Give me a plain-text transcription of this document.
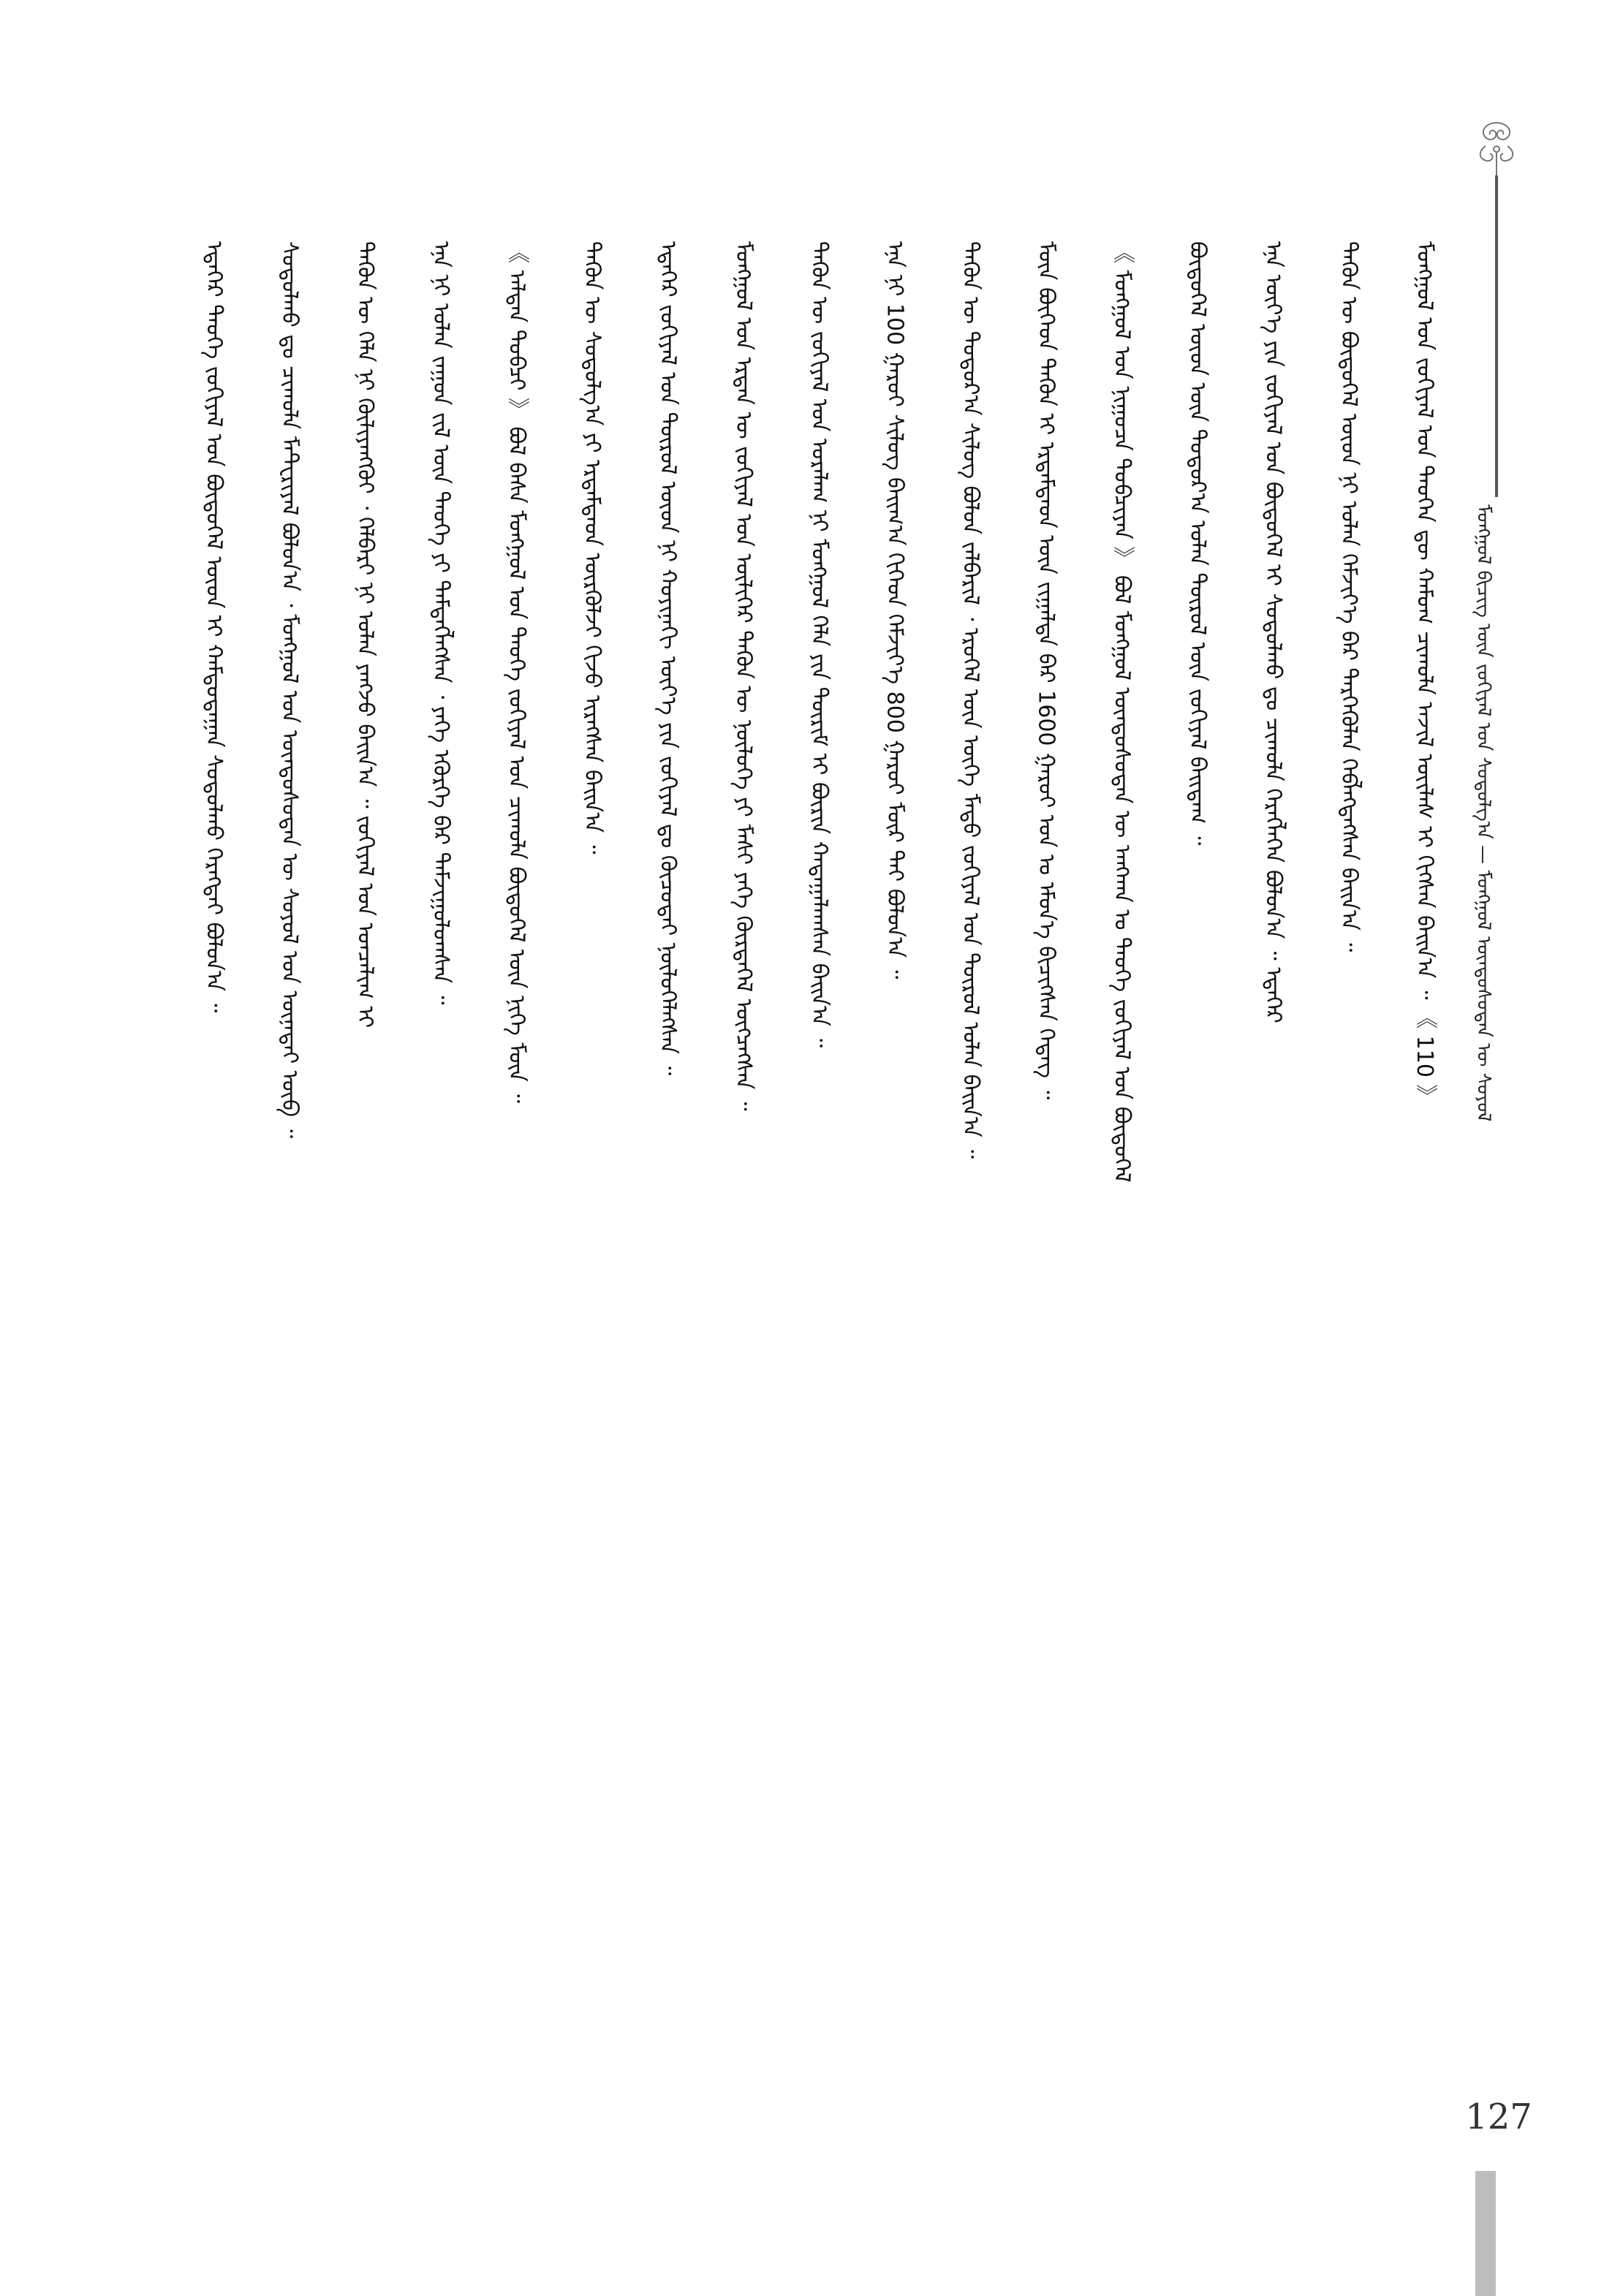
ᠮᠣᠩᠭᠣᠯ ᠪᠢᠴᠢᠭ ᠦᠨ ᠵᠣᠬᠢᠶᠠᠯ ᠤᠨ ᠰᠤᠳᠤᠯᠭ᠎ᠠ — ᠮᠣᠩᠭᠣᠯ ᠦᠨᠳᠦᠰᠦᠲᠡᠨ ᠦ ᠰᠣᠶᠣᠯ
ᠮᠣᠩᠭᠣᠯ ᠤᠨ ᠵᠣᠬᠢᠶᠠᠯ ᠤᠨ ᠲᠡᠦᠬᠡᠨ ᠳᠦ ᠬᠠᠮᠤᠭ ᠴᠢᠬᠤᠯᠠ ᠠᠵᠢᠯ ᠦᠢᠯᠡᠰ ᠢ ᠬᠢᠭᠰᠡᠨ ᠪᠠᠢᠨ᠎ᠠ ᠃ 《 110 》
ᠲᠡᠭᠦᠨ ᠦ ᠪᠦᠲᠦᠭᠡᠯ ᠦᠳ ᠨᠢ ᠣᠯᠠᠨ ᠬᠡᠮᠵᠢᠶ᠎ᠡ ᠪᠡᠷ ᠲᠡᠷᠭᠡᠭᠦᠯᠡᠨ ᠬᠡᠪᠯᠡᠭᠳᠡᠭᠰᠡᠨ ᠪᠠᠢᠨ᠎ᠠ ᠃
ᠡᠨᠡ ᠦᠶ᠎ᠡ ᠶᠢᠨ ᠵᠣᠬᠢᠶᠠᠯ ᠤᠨ ᠪᠦᠲᠦᠭᠡᠯ ᠢ ᠰᠤᠳᠤᠯᠬᠤ ᠳᠤ ᠴᠢᠬᠤᠯᠠ ᠬᠡᠷᠡᠭᠯᠡᠭᠡᠨ ᠪᠣᠯᠤᠨ᠎ᠠ ᠃ ᠡᠳᠡᠭᠡᠷ
ᠪᠦᠲᠦᠭᠡᠯ ᠦᠳ ᠦᠨ ᠳᠣᠲᠣᠷ᠎ᠠ ᠣᠯᠠᠨ ᠲᠥᠷᠦᠯ ᠦᠨ ᠵᠣᠬᠢᠶᠠᠯ ᠪᠠᠢᠳᠠᠭ ᠃
《 ᠮᠣᠩᠭᠣᠯ ᠤᠨ ᠨᠢᠭᠤᠴᠠ ᠲᠣᠪᠴᠢᠶᠠᠨ 》 ᠪᠣᠯ ᠮᠣᠩᠭᠣᠯ ᠦᠨᠳᠦᠰᠦᠲᠡᠨ ᠦ ᠠᠩᠬᠠᠨ ᠤ ᠲᠡᠦᠬᠡ ᠵᠣᠬᠢᠶᠠᠯ ᠤᠨ ᠪᠦᠲᠦᠭᠡᠯ
ᠮᠥᠨ ᠪᠥᠭᠡᠳ ᠲᠡᠭᠦᠨ ᠢ ᠡᠷᠳᠡᠮᠲᠡᠳ ᠦᠨ ᠵᠢᠭᠠᠯᠲᠠ ᠪᠡᠷ 1600 ᠭᠠᠷᠤᠢ ᠣᠨ ᠤ ᠡᠮᠦᠨ᠎ᠡ ᠪᠢᠴᠢᠭᠰᠡᠨ ᠭᠡᠳᠡᠭ ᠃
ᠲᠡᠭᠦᠨ ᠦ ᠳᠣᠲᠣᠷ᠎ᠠ ᠰᠢᠯᠦᠭ ᠪᠣᠯᠤᠨ ᠵᠠᠯᠪᠠᠷᠢᠯ ᠂ ᠡᠷᠦᠭᠡᠯ ᠦᠨ ᠦᠭᠡ ᠮᠡᠳᠦ ᠵᠣᠬᠢᠶᠠᠯ ᠤᠨ ᠲᠥᠷᠦᠯ ᠣᠯᠠᠨ ᠪᠠᠢᠨ᠎ᠠ ᠃
ᠡᠨᠡ ᠨᠢ 100 ᠭᠠᠷᠤᠢ ᠰᠢᠯᠦᠭ ᠪᠠᠢᠭ᠎ᠠ ᠬᠢᠭᠡᠳ ᠬᠡᠮᠵᠢᠶ᠎ᠡ 800 ᠭᠠᠷᠤᠢ ᠮᠥᠷ ᠲᠠᠢ ᠪᠣᠯᠤᠨ᠎ᠠ ᠃
ᠲᠡᠭᠦᠨ ᠦ ᠵᠣᠬᠢᠶᠠᠯ ᠤᠨ ᠤᠷᠠᠯᠠᠭ ᠨᠢ ᠮᠣᠩᠭᠣᠯ ᠬᠡᠯᠡ ᠶᠢᠨ ᠳᠦᠷᠢᠮ ᠢ ᠪᠦᠷᠢᠨ ᠬᠠᠳᠠᠭᠠᠯᠠᠭᠰᠠᠨ ᠪᠠᠢᠨ᠎ᠠ ᠃
ᠮᠣᠩᠭᠣᠯ ᠤᠨ ᠡᠷᠲᠡᠨ ᠦ ᠵᠣᠬᠢᠶᠠᠯ ᠤᠨ ᠦᠯᠢᠭᠡᠷ ᠲᠡᠭᠦᠨ ᠦ ᠨᠥᠯᠦᠭᠡ ᠶᠢ ᠮᠠᠰᠢ ᠶᠡᠬᠡ ᠬᠦᠷᠲᠡᠭᠡᠯ ᠦᠭᠴᠡᠭᠰᠡᠨ ᠃
ᠡᠳᠡᠭᠡᠷ ᠵᠣᠬᠢᠶᠠᠯ ᠤᠨ ᠲᠥᠷᠦᠯ ᠦᠳ ᠨᠢ ᠬᠣᠶᠢᠨᠠᠬᠢ ᠦᠶ᠎ᠡ ᠶᠢᠨ ᠵᠣᠬᠢᠶᠠᠯ ᠳᠤ ᠬᠦᠴᠦᠲᠡᠢ ᠨᠥᠯᠦᠭᠡᠯᠡᠭᠰᠡᠨ ᠃
ᠲᠡᠭᠦᠨ ᠦ ᠰᠤᠳᠤᠯᠭ᠎ᠠ ᠶᠢ ᠡᠷᠳᠡᠮᠲᠡᠳ ᠦᠷᠭᠦᠯᠵᠢ ᠬᠢᠵᠦ ᠢᠷᠡᠭᠰᠡᠨ ᠪᠠᠢᠨ᠎ᠠ ᠃
《 ᠠᠯᠲᠠᠨ ᠲᠣᠪᠴᠢ 》 ᠪᠣᠯ ᠪᠠᠰᠠ ᠮᠣᠩᠭᠣᠯ ᠤᠨ ᠲᠡᠦᠬᠡ ᠵᠣᠬᠢᠶᠠᠯ ᠤᠨ ᠴᠢᠬᠤᠯᠠ ᠪᠦᠲᠦᠭᠡᠯ ᠦᠨ ᠨᠢᠭᠡ ᠮᠥᠨ ᠃
ᠡᠨᠡ ᠨᠢ ᠣᠯᠠᠨ ᠵᠠᠭᠤᠨ ᠵᠢᠯ ᠦᠨ ᠲᠡᠦᠬᠡ ᠶᠢ ᠲᠡᠮᠳᠡᠭᠯᠡᠭᠰᠡᠨ ᠂ ᠶᠡᠬᠡ ᠡᠭᠦᠷᠭᠡ ᠪᠡᠷ ᠳᠠᠮᠵᠢᠭᠤᠯᠤᠭᠰᠠᠨ ᠃
ᠲᠡᠭᠦᠨ ᠦ ᠬᠡᠯᠡ ᠨᠢ ᠬᠦᠯᠢᠶᠡᠩᠭᠦᠢ ᠂ ᠬᠡᠯᠪᠡᠷᠢ ᠨᠢ ᠣᠯᠠᠨ ᠶᠠᠩᠵᠤ ᠪᠠᠢᠨ᠎ᠠ ᠃ ᠵᠣᠬᠢᠶᠠᠯ ᠤᠨ ᠤᠨᠴᠠᠯᠢᠭ ᠢ
ᠰᠤᠳᠤᠯᠬᠤ ᠳᠤ ᠴᠢᠬᠤᠯᠠ ᠮᠠᠲᠧᠷᠢᠶᠠᠯ ᠪᠣᠯᠤᠨ᠎ᠠ ᠂ ᠮᠣᠩᠭᠣᠯ ᠤᠨ ᠦᠨᠳᠦᠰᠦᠲᠡᠨ ᠦ ᠰᠣᠶᠣᠯ ᠤᠨ ᠦᠨᠡᠲᠡᠢ ᠥᠪ ᠃
ᠡᠳᠡᠭᠡᠷ ᠲᠡᠦᠬᠡ ᠵᠣᠬᠢᠶᠠᠯ ᠤᠨ ᠪᠦᠲᠦᠭᠡᠯ ᠦᠳ ᠢ ᠬᠠᠮᠲᠤᠳᠠᠭᠠᠨ ᠰᠤᠳᠤᠯᠬᠤ ᠬᠡᠷᠡᠭᠲᠡᠢ ᠪᠣᠯᠤᠨ᠎ᠠ ᠃
127
